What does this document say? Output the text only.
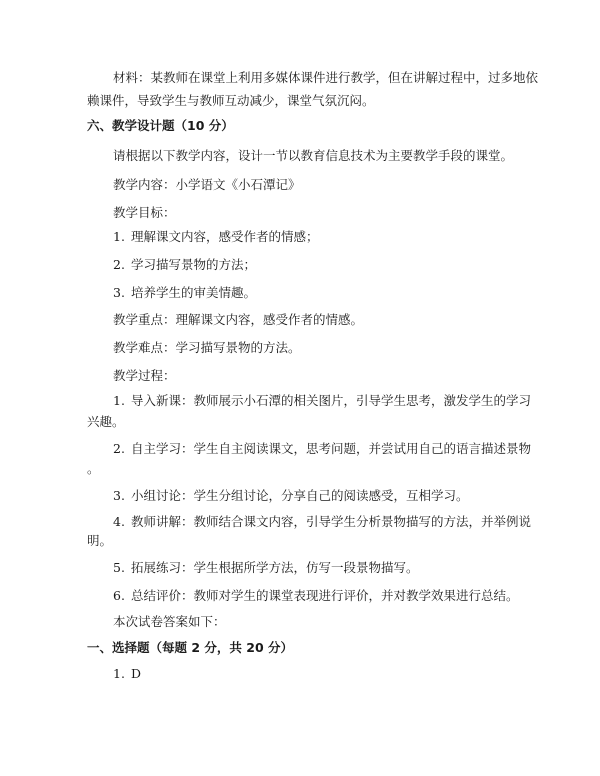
材料：某教师在课堂上利用多媒体课件进行教学，但在讲解过程中，过多地依
赖课件，导致学生与教师互动减少，课堂气氛沉闷。
六、教学设计题（10 分）
请根据以下教学内容，设计一节以教育信息技术为主要教学手段的课堂。
教学内容：小学语文《小石潭记》
教学目标：
1. 理解课文内容，感受作者的情感；
2. 学习描写景物的方法；
3. 培养学生的审美情趣。
教学重点：理解课文内容，感受作者的情感。
教学难点：学习描写景物的方法。
教学过程：
1. 导入新课：教师展示小石潭的相关图片，引导学生思考，激发学生的学习
兴趣。
2. 自主学习：学生自主阅读课文，思考问题，并尝试用自己的语言描述景物
。
3. 小组讨论：学生分组讨论，分享自己的阅读感受，互相学习。
4. 教师讲解：教师结合课文内容，引导学生分析景物描写的方法，并举例说
明。
5. 拓展练习：学生根据所学方法，仿写一段景物描写。
6. 总结评价：教师对学生的课堂表现进行评价，并对教学效果进行总结。
本次试卷答案如下：
一、选择题（每题 2 分，共 20 分）
1. D
